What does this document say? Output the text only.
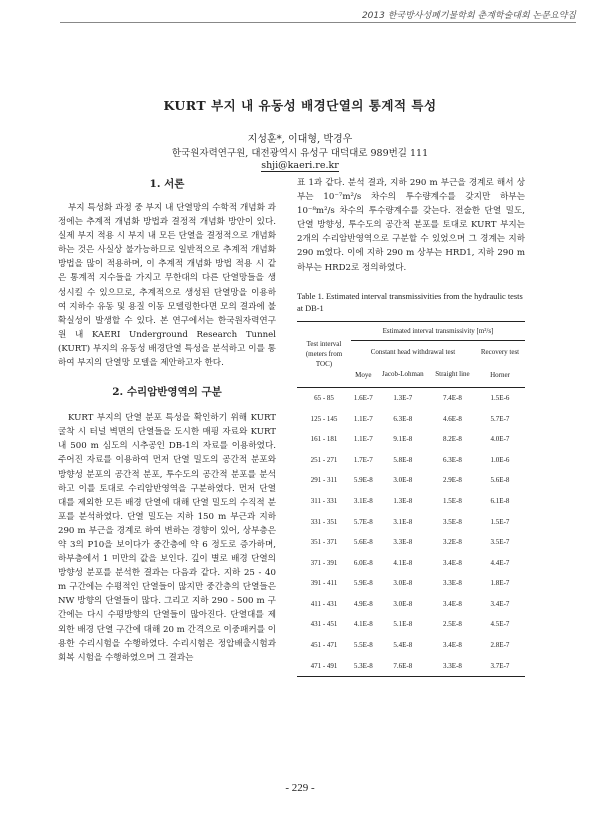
2013 한국방사성폐기물학회 춘계학술대회 논문요약집
KURT 부지 내 유동성 배경단열의 통계적 특성
지성훈*, 이대형, 박경우
한국원자력연구원, 대전광역시 유성구 대덕대로 989번길 111
shji@kaeri.re.kr
1. 서론

부지 특성화 과정 중 부지 내 단열망의 수학적 개념화 과정에는 추계적 개념화 방법과 결정적 개념화 방안이 있다. 실제 부지 적용 시 부지 내 모든 단열을 결정적으로 개념화하는 것은 사실상 불가능하므로 일반적으로 추계적 개념화 방법을 많이 적용하며, 이 추계적 개념화 방법 적용 시 같은 통계적 지수들을 가지고 무한대의 다른 단열망들을 생성시킬 수 있으므로, 추계적으로 생성된 단열망을 이용하여 지하수 유동 및 용질 이동 모델링한다면 모의 결과에 불확실성이 발생할 수 있다. 본 연구에서는 한국원자력연구원 내 KAERI Underground Research Tunnel (KURT) 부지의 유동성 배경단열 특성을 분석하고 이를 통하여 부지의 단열망 모델을 제안하고자 한다.

2. 수리암반영역의 구분

KURT 부지의 단열 분포 특성을 확인하기 위해 KURT 굴착 시 터널 벽면의 단열들을 도시한 매핑 자료와 KURT 내 500 m 심도의 시추공인 DB-1의 자료를 이용하였다. 주어진 자료를 이용하여 먼저 단열 밀도의 공간적 분포와 방향성 분포의 공간적 분포, 투수도의 공간적 분포를 분석하고 이를 토대로 수리암반영역을 구분하였다. 먼저 단열대를 제외한 모든 배경 단열에 대해 단열 밀도의 수직적 분포를 분석하였다. 단열 밀도는 지하 150 m 부근과 지하 290 m 부근을 경계로 하여 변하는 경향이 있어, 상부층은 약 3의 P10을 보이다가 중간층에 약 6 정도로 증가하며, 하부층에서 1 미만의 값을 보인다. 깊이 별로 배경 단열의 방향성 분포를 분석한 결과는 다음과 같다. 지하 25 - 40 m 구간에는 수평적인 단열들이 많지만 중간층의 단열들은 NW 방향의 단열들이 많다. 그리고 지하 290 - 500 m 구간에는 다시 수평방향의 단열들이 많아진다. 단열대를 제외한 배경 단열 구간에 대해 20 m 간격으로 이중패커를 이용한 수리시험을 수행하였다. 수리시험은 정압배출시험과 회복 시험을 수행하였으며 그 결과는

표 1과 같다. 분석 결과, 지하 290 m 부근을 경계로 해서 상부는 10⁻⁷m²/s 차수의 투수량계수를 갖지만 하부는 10⁻⁸m²/s 차수의 투수량계수를 갖는다. 전술한 단열 밀도, 단열 방향성, 투수도의 공간적 분포를 토대로 KURT 부지는 2개의 수리암반영역으로 구분할 수 있었으며 그 경계는 지하 290 m였다. 이에 지하 290 m 상부는 HRD1, 지하 290 m 하부는 HRD2로 정의하였다.

Table 1. Estimated interval transmissivities from the hydraulic tests at DB-1

Test interval (meters from TOC)	Estimated interval transmissivity [m²/s]			
	Constant head withdrawal test			Recovery test
	Moye	Jacob-Lohman	Straight line	Horner
65 - 85	1.6E-7	1.3E-7	7.4E-8	1.5E-6
125 - 145	1.1E-7	6.3E-8	4.6E-8	5.7E-7
161 - 181	1.1E-7	9.1E-8	8.2E-8	4.0E-7
251 - 271	1.7E-7	5.8E-8	6.3E-8	1.0E-6
291 - 311	5.9E-8	3.0E-8	2.9E-8	5.6E-8
311 - 331	3.1E-8	1.3E-8	1.5E-8	6.1E-8
331 - 351	5.7E-8	3.1E-8	3.5E-8	1.5E-7
351 - 371	5.6E-8	3.3E-8	3.2E-8	3.5E-7
371 - 391	6.0E-8	4.1E-8	3.4E-8	4.4E-7
391 - 411	5.9E-8	3.0E-8	3.3E-8	1.8E-7
411 - 431	4.9E-8	3.0E-8	3.4E-8	3.4E-7
431 - 451	4.1E-8	5.1E-8	2.5E-8	4.5E-7
451 - 471	5.5E-8	5.4E-8	3.4E-8	2.8E-7
471 - 491	5.3E-8	7.6E-8	3.3E-8	3.7E-7
- 229 -
